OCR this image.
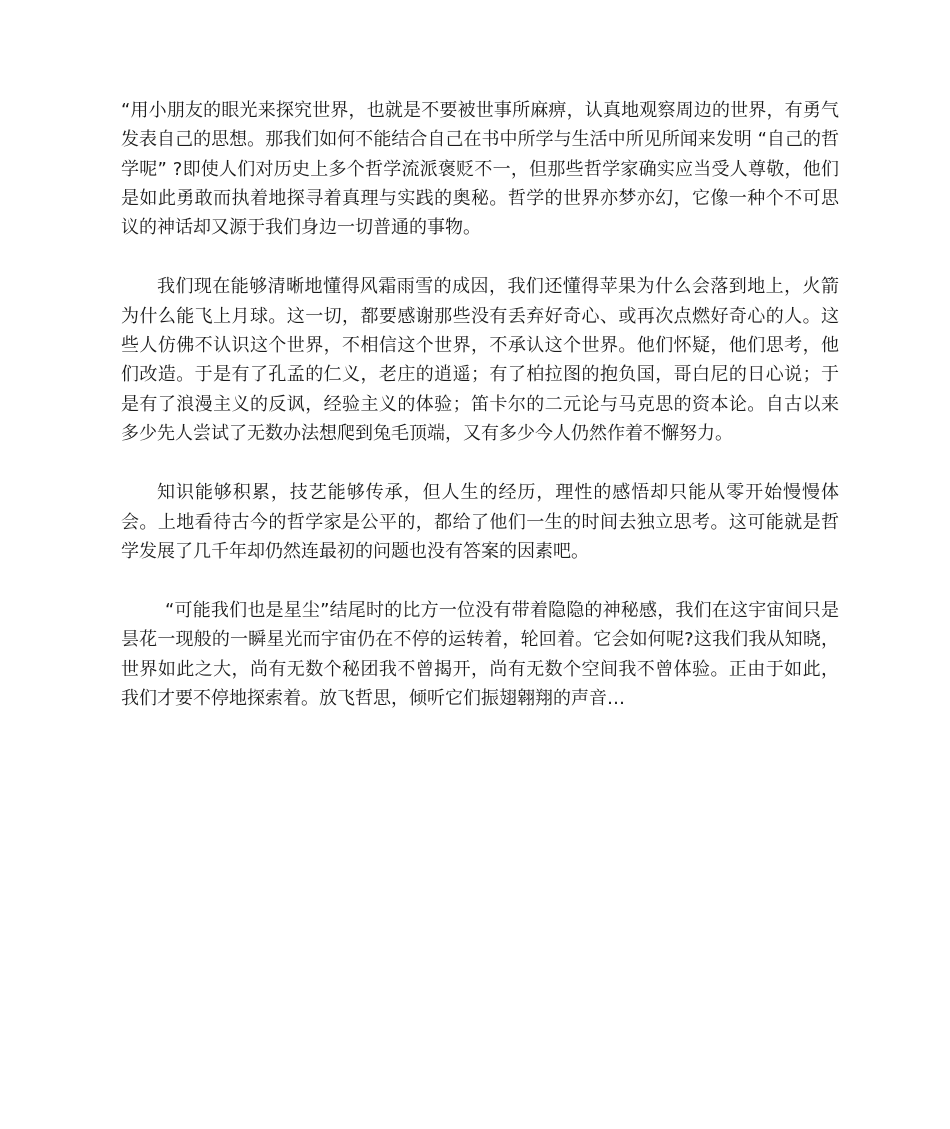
“用小朋友的眼光来探究世界，也就是不要被世事所麻痹，认真地观察周边的世界，有勇气发表自己的思想。那我们如何不能结合自己在书中所学与生活中所见所闻来发明 “自己的哲学呢” ?即使人们对历史上多个哲学流派褒贬不一，但那些哲学家确实应当受人尊敬，他们是如此勇敢而执着地探寻着真理与实践的奥秘。哲学的世界亦梦亦幻，它像一种个不可思议的神话却又源于我们身边一切普通的事物。

我们现在能够清晰地懂得风霜雨雪的成因，我们还懂得苹果为什么会落到地上，火箭为什么能飞上月球。这一切，都要感谢那些没有丢弃好奇心、或再次点燃好奇心的人。这些人仿佛不认识这个世界，不相信这个世界，不承认这个世界。他们怀疑，他们思考，他们改造。于是有了孔孟的仁义，老庄的逍遥；有了柏拉图的抱负国，哥白尼的日心说；于是有了浪漫主义的反讽，经验主义的体验；笛卡尔的二元论与马克思的资本论。自古以来多少先人尝试了无数办法想爬到兔毛顶端，又有多少今人仍然作着不懈努力。

知识能够积累，技艺能够传承，但人生的经历，理性的感悟却只能从零开始慢慢体会。上地看待古今的哲学家是公平的，都给了他们一生的时间去独立思考。这可能就是哲学发展了几千年却仍然连最初的问题也没有答案的因素吧。

“可能我们也是星尘”结尾时的比方一位没有带着隐隐的神秘感，我们在这宇宙间只是昙花一现般的一瞬星光而宇宙仍在不停的运转着，轮回着。它会如何呢?这我们我从知晓，世界如此之大，尚有无数个秘团我不曾揭开，尚有无数个空间我不曾体验。正由于如此，我们才要不停地探索着。放飞哲思，倾听它们振翅翱翔的声音…
